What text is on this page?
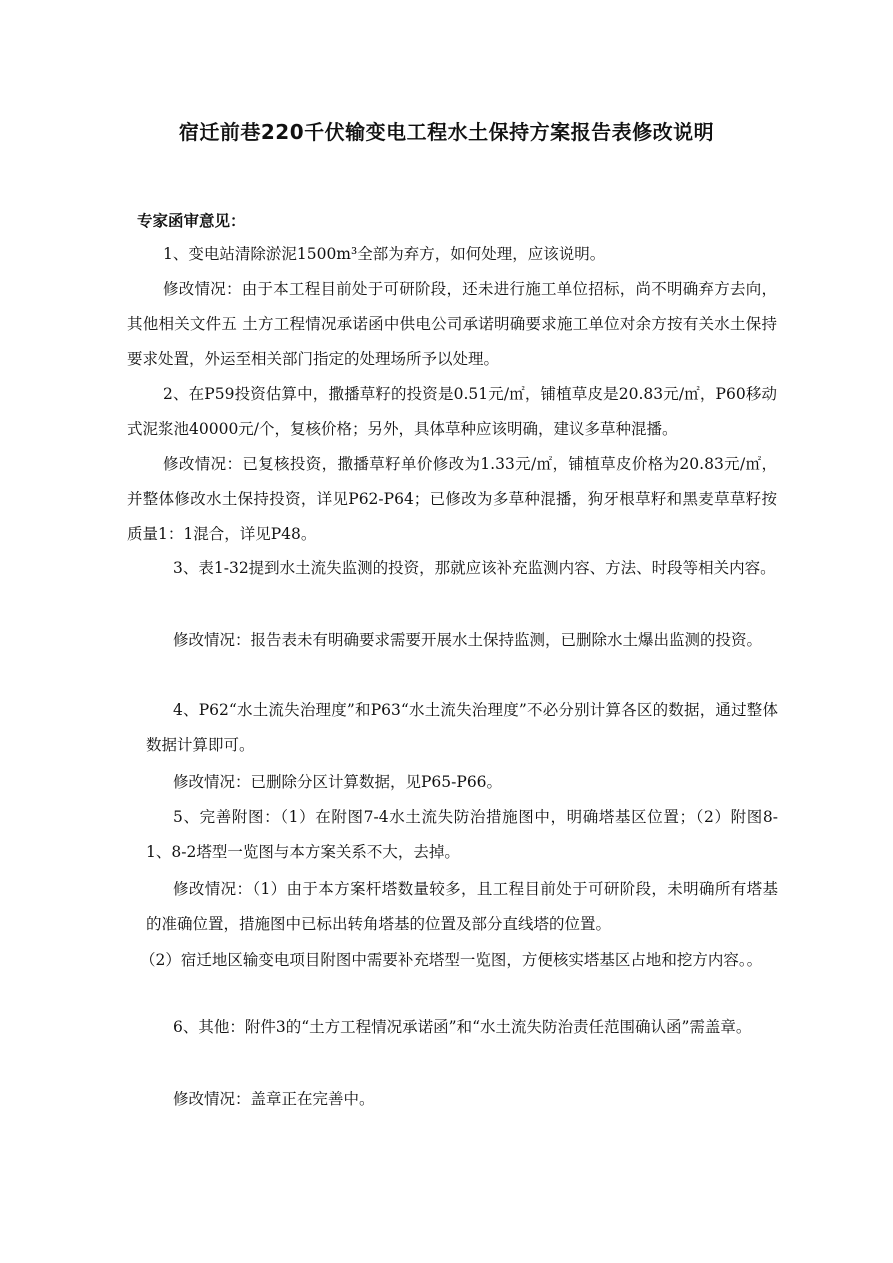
宿迁前巷220千伏输变电工程水土保持方案报告表修改说明
专家函审意见：

1、变电站清除淤泥1500m³全部为弃方，如何处理，应该说明。

修改情况：由于本工程目前处于可研阶段，还未进行施工单位招标，尚不明确弃方去向，其他相关文件五 土方工程情况承诺函中供电公司承诺明确要求施工单位对余方按有关水土保持要求处置，外运至相关部门指定的处理场所予以处理。

2、在P59投资估算中，撒播草籽的投资是0.51元/㎡，铺植草皮是20.83元/㎡，P60移动式泥浆池40000元/个，复核价格；另外，具体草种应该明确，建议多草种混播。

修改情况：已复核投资，撒播草籽单价修改为1.33元/㎡，铺植草皮价格为20.83元/㎡，并整体修改水土保持投资，详见P62-P64；已修改为多草种混播，狗牙根草籽和黑麦草草籽按质量1：1混合，详见P48。

3、表1-32提到水土流失监测的投资，那就应该补充监测内容、方法、时段等相关内容。

修改情况：报告表未有明确要求需要开展水土保持监测，已删除水土爆出监测的投资。

4、P62“水土流失治理度”和P63“水土流失治理度”不必分别计算各区的数据，通过整体数据计算即可。

修改情况：已删除分区计算数据，见P65-P66。

5、完善附图：（1）在附图7-4水土流失防治措施图中，明确塔基区位置；（2）附图8-1、8-2塔型一览图与本方案关系不大，去掉。

修改情况：（1）由于本方案杆塔数量较多，且工程目前处于可研阶段，未明确所有塔基的准确位置，措施图中已标出转角塔基的位置及部分直线塔的位置。

（2）宿迁地区输变电项目附图中需要补充塔型一览图，方便核实塔基区占地和挖方内容。。

6、其他：附件3的“土方工程情况承诺函”和“水土流失防治责任范围确认函”需盖章。

修改情况：盖章正在完善中。
